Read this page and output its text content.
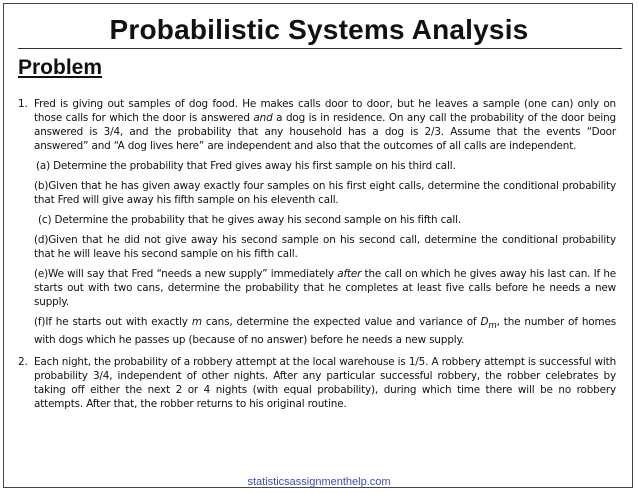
Probabilistic Systems Analysis
Problem
1. Fred is giving out samples of dog food. He makes calls door to door, but he leaves a sample (one can) only on those calls for which the door is answered and a dog is in residence. On any call the probability of the door being answered is 3/4, and the probability that any household has a dog is 2/3. Assume that the events “Door answered” and “A dog lives here” are independent and also that the outcomes of all calls are independent.

(a) Determine the probability that Fred gives away his first sample on his third call.

(b)Given that he has given away exactly four samples on his first eight calls, determine the conditional probability that Fred will give away his fifth sample on his eleventh call.

(c) Determine the probability that he gives away his second sample on his fifth call.

(d)Given that he did not give away his second sample on his second call, determine the conditional probability that he will leave his second sample on his fifth call.

(e)We will say that Fred “needs a new supply” immediately after the call on which he gives away his last can. If he starts out with two cans, determine the probability that he completes at least five calls before he needs a new supply.

(f)If he starts out with exactly m cans, determine the expected value and variance of $D_m$, the number of homes with dogs which he passes up (because of no answer) before he needs a new supply.

2. Each night, the probability of a robbery attempt at the local warehouse is 1/5. A robbery attempt is successful with probability 3/4, independent of other nights. After any particular successful robbery, the robber celebrates by taking off either the next 2 or 4 nights (with equal probability), during which time there will be no robbery attempts. After that, the robber returns to his original routine.

statisticsassignmenthelp.com
